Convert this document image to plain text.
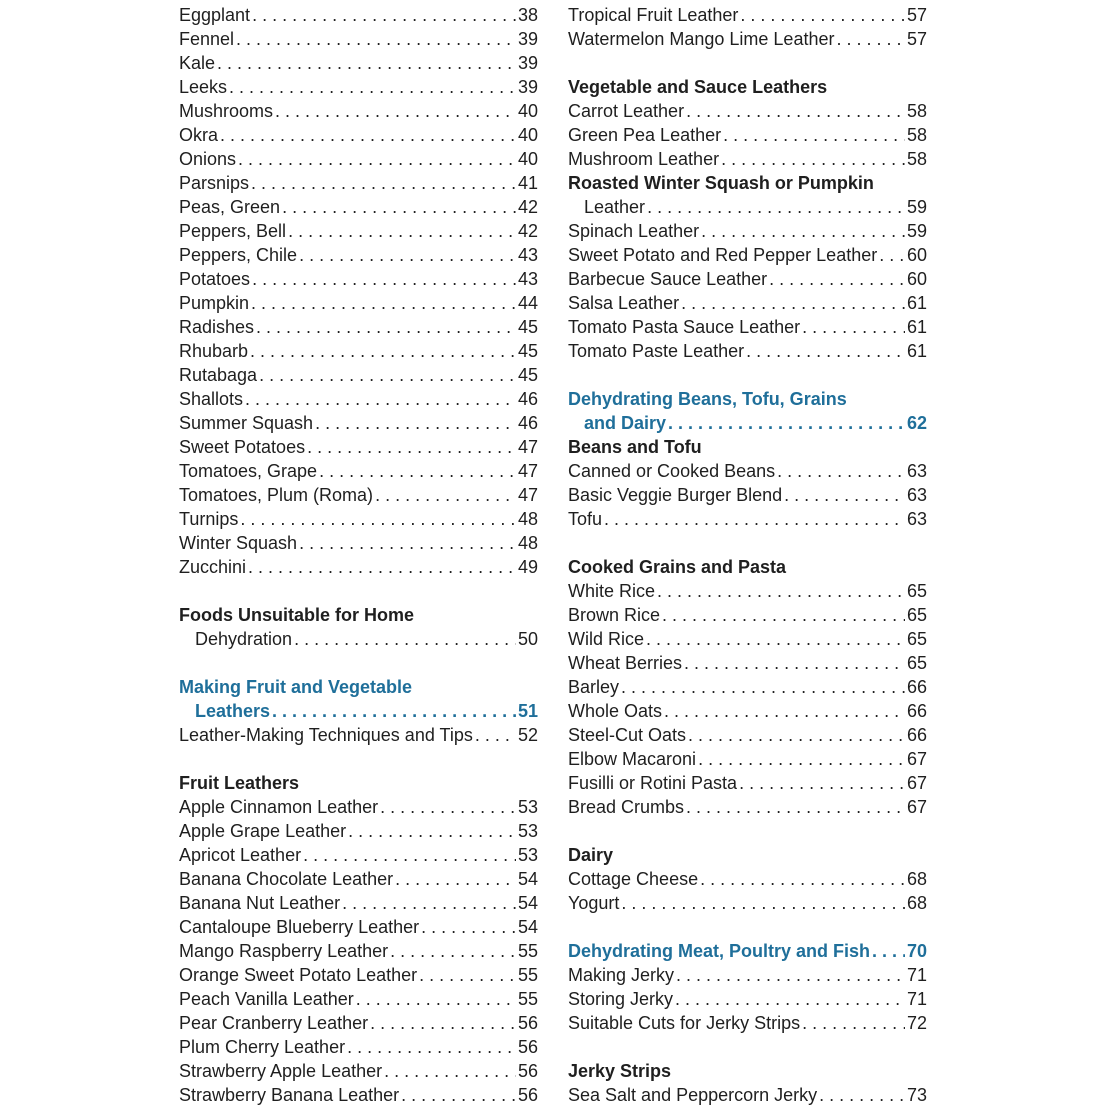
Eggplant . . .	38
Fennel . . .	39
Kale . . .	39
Leeks . . .	39
Mushrooms . . .	40
Okra . . .	40
Onions . . .	40
Parsnips . . .	41
Peas, Green . . .	42
Peppers, Bell . . .	42
Peppers, Chile . . .	43
Potatoes . . .	43
Pumpkin . . .	44
Radishes . . .	45
Rhubarb . . .	45
Rutabaga . . .	45
Shallots . . .	46
Summer Squash . . .	46
Sweet Potatoes . . .	47
Tomatoes, Grape . . .	47
Tomatoes, Plum (Roma) . . .	47
Turnips . . .	48
Winter Squash . . .	48
Zucchini . . .	49
Foods Unsuitable for Home
Dehydration . . .	50
Making Fruit and Vegetable
Leathers . . .	51
Leather-Making Techniques and Tips . . .	52
Fruit Leathers
Apple Cinnamon Leather . . .	53
Apple Grape Leather . . .	53
Apricot Leather . . .	53
Banana Chocolate Leather . . .	54
Banana Nut Leather . . .	54
Cantaloupe Blueberry Leather . . .	54
Mango Raspberry Leather . . .	55
Orange Sweet Potato Leather . . .	55
Peach Vanilla Leather . . .	55
Pear Cranberry Leather . . .	56
Plum Cherry Leather . . .	56
Strawberry Apple Leather . . .	56
Strawberry Banana Leather . . .	56
Tropical Fruit Leather . . .	57
Watermelon Mango Lime Leather . . .	57
Vegetable and Sauce Leathers
Carrot Leather . . .	58
Green Pea Leather . . .	58
Mushroom Leather . . .	58
Roasted Winter Squash or Pumpkin
Leather . . .	59
Spinach Leather . . .	59
Sweet Potato and Red Pepper Leather . . . 60
Barbecue Sauce Leather . . .	60
Salsa Leather . . .	61
Tomato Pasta Sauce Leather . . .	61
Tomato Paste Leather . . .	61
Dehydrating Beans, Tofu, Grains
and Dairy . . .	62
Beans and Tofu
Canned or Cooked Beans . . .	63
Basic Veggie Burger Blend . . .	63
Tofu . . .	63
Cooked Grains and Pasta
White Rice . . .	65
Brown Rice . . .	65
Wild Rice . . .	65
Wheat Berries . . .	65
Barley . . .	66
Whole Oats . . .	66
Steel-Cut Oats . . .	66
Elbow Macaroni . . .	67
Fusilli or Rotini Pasta . . .	67
Bread Crumbs . . .	67
Dairy
Cottage Cheese . . .	68
Yogurt . . .	68
Dehydrating Meat, Poultry and Fish . . . 70
Making Jerky . . .	71
Storing Jerky . . .	71
Suitable Cuts for Jerky Strips . . .	72
Jerky Strips
Sea Salt and Peppercorn Jerky . . .	73
